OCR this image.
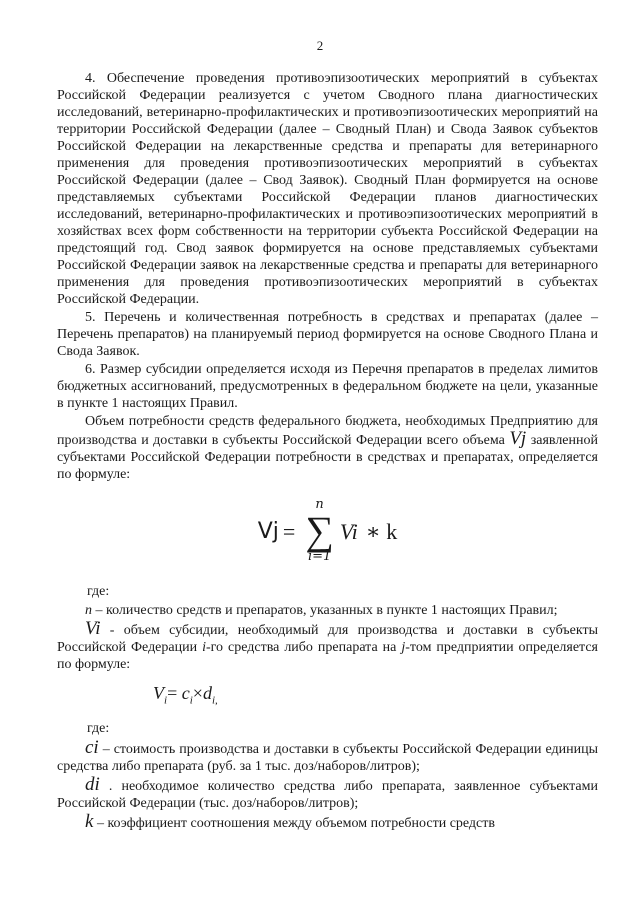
2

4. Обеспечение проведения противоэпизоотических мероприятий в субъектах Российской Федерации реализуется с учетом Сводного плана диагностических исследований, ветеринарно-профилактических и противоэпизоотических мероприятий на территории Российской Федерации (далее – Сводный План) и Свода Заявок субъектов Российской Федерации на лекарственные средства и препараты для ветеринарного применения для проведения противоэпизоотических мероприятий в субъектах Российской Федерации (далее – Свод Заявок). Сводный План формируется на основе представляемых субъектами Российской Федерации планов диагностических исследований, ветеринарно-профилактических и противоэпизоотических мероприятий в хозяйствах всех форм собственности на территории субъекта Российской Федерации на предстоящий год. Свод заявок формируется на основе представляемых субъектами Российской Федерации заявок на лекарственные средства и препараты для ветеринарного применения для проведения противоэпизоотических мероприятий в субъектах Российской Федерации.

5. Перечень и количественная потребность в средствах и препаратах (далее – Перечень препаратов) на планируемый период формируется на основе Сводного Плана и Свода Заявок.

6. Размер субсидии определяется исходя из Перечня препаратов в пределах лимитов бюджетных ассигнований, предусмотренных в федеральном бюджете на цели, указанные в пункте 1 настоящих Правил.

Объем потребности средств федерального бюджета, необходимых Предприятию для производства и доставки в субъекты Российской Федерации всего объема Vj заявленной субъектами Российской Федерации потребности в средствах и препаратах, определяется по формуле:

Vj =
n
∑
i=1
Vi ∗ k
где:

n – количество средств и препаратов, указанных в пункте 1 настоящих Правил;

Vi - объем субсидии, необходимый для производства и доставки в субъекты Российской Федерации i-го средства либо препарата на j-том предприятии определяется по формуле:

$V_i= c_i\times d_{i,}$
где:

ci – стоимость производства и доставки в субъекты Российской Федерации единицы средства либо препарата (руб. за 1 тыс. доз/наборов/литров);

di . необходимое количество средства либо препарата, заявленное субъектами Российской Федерации (тыс. доз/наборов/литров);

k – коэффициент соотношения между объемом потребности средств
